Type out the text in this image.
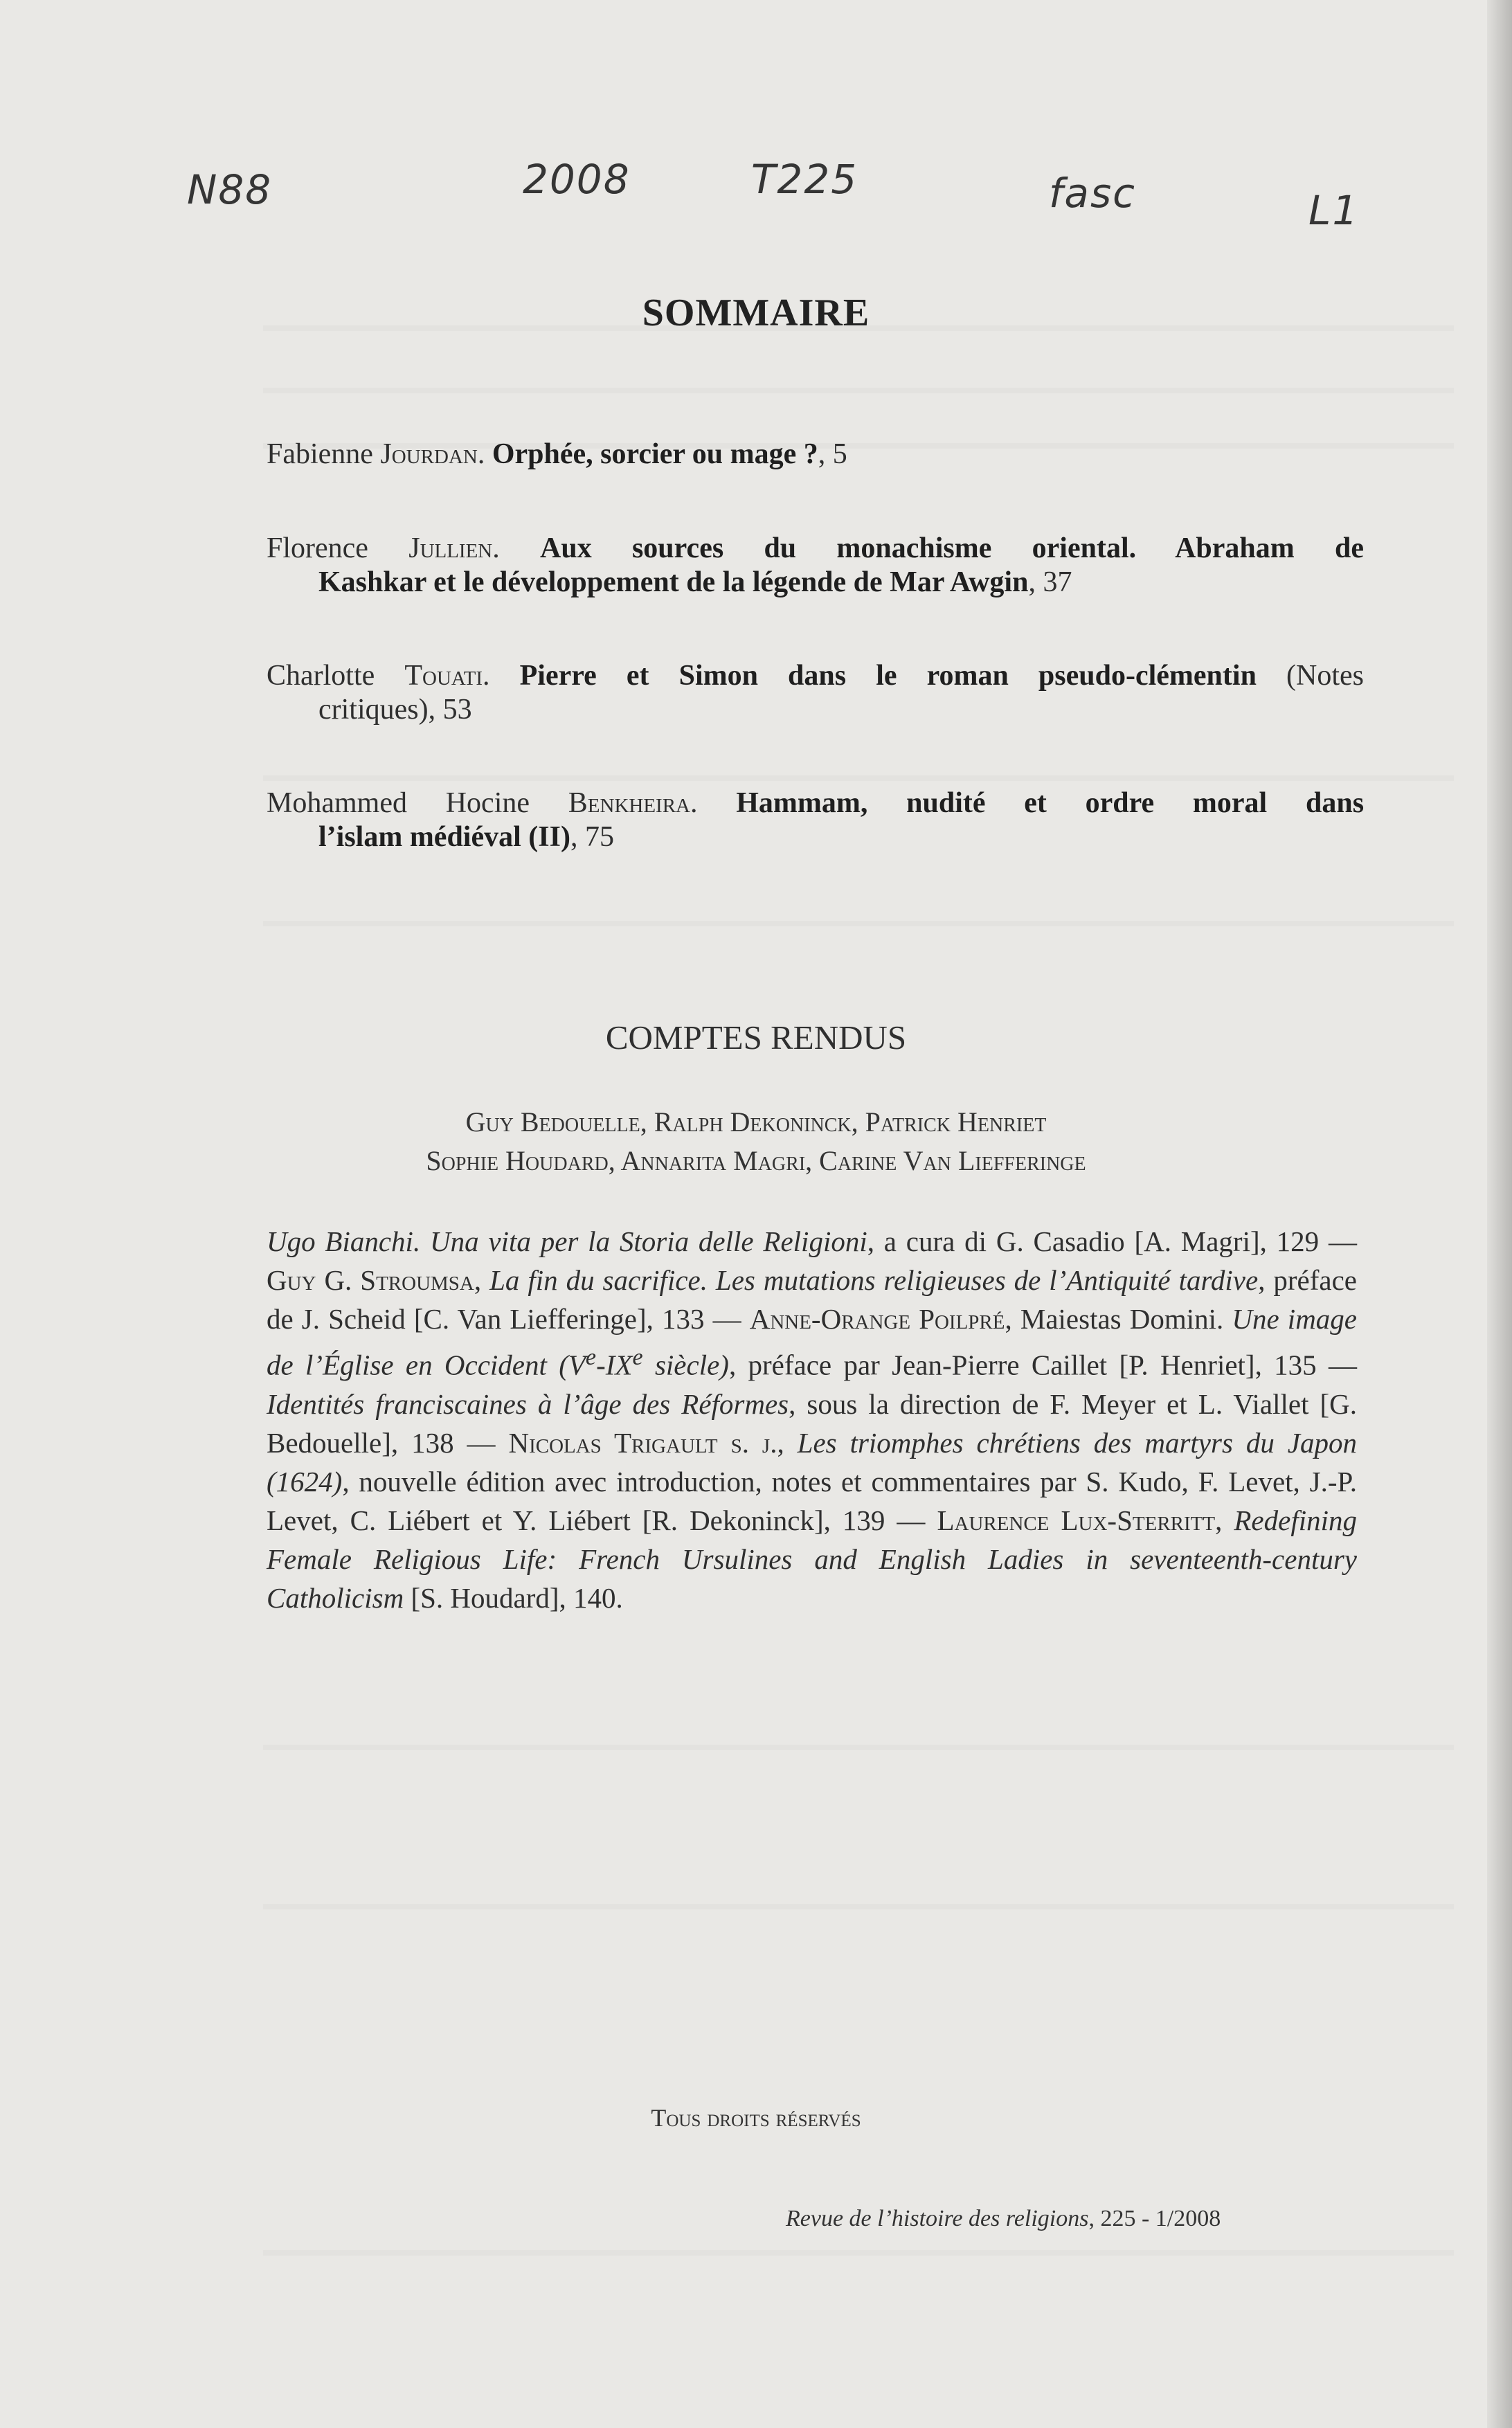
N88	2008	T225	fasc	L1
SOMMAIRE
Fabienne Jourdan. Orphée, sorcier ou mage ?, 5
Florence Jullien. Aux sources du monachisme oriental. Abraham de
Kashkar et le développement de la légende de Mar Awgin, 37
Charlotte Touati. Pierre et Simon dans le roman pseudo-clémentin (Notes
critiques), 53
Mohammed Hocine Benkheira. Hammam, nudité et ordre moral dans
l’islam médiéval (II), 75
COMPTES RENDUS
Guy Bedouelle, Ralph Dekoninck, Patrick Henriet
Sophie Houdard, Annarita Magri, Carine Van Liefferinge
Ugo Bianchi. Una vita per la Storia delle Religioni, a cura di G. Casadio [A. Magri], 129 — Guy G. Stroumsa, La fin du sacrifice. Les mutations religieuses de l’Antiquité tardive, préface de J. Scheid [C. Van Liefferinge], 133 — Anne-Orange Poilpré, Maiestas Domini. Une image de l’Église en Occident (Ve-IXe siècle), préface par Jean-Pierre Caillet [P. Henriet], 135 — Identités franciscaines à l’âge des Réformes, sous la direction de F. Meyer et L. Viallet [G. Bedouelle], 138 — Nicolas Trigault s. j., Les triomphes chrétiens des martyrs du Japon (1624), nouvelle édition avec introduction, notes et commentaires par S. Kudo, F. Levet, J.-P. Levet, C. Liébert et Y. Liébert [R. Dekoninck], 139 — Laurence Lux-Sterritt, Redefining Female Religious Life: French Ursulines and English Ladies in seventeenth-century Catholicism [S. Houdard], 140.
Tous droits réservés
Revue de l’histoire des religions, 225 - 1/2008
